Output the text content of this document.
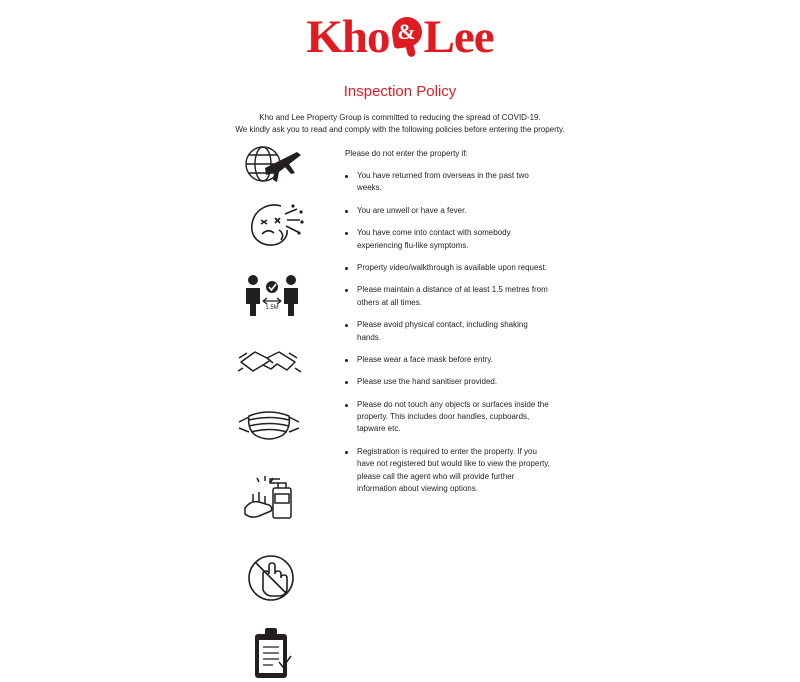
Kho & Lee
Inspection Policy
Kho and Lee Property Group is committed to reducing the spread of COVID-19.
We kindly ask you to read and comply with the following policies before entering the property.
1.5M

Please do not enter the property if:

You have returned from overseas in the past two weeks.
You are unwell or have a fever.
You have come into contact with somebody experiencing flu-like symptoms.
Property video/walkthrough is available upon request.
Please maintain a distance of at least 1.5 metres from others at all times.
Please avoid physical contact, including shaking hands.
Please wear a face mask before entry.
Please use the hand sanitiser provided.
Please do not touch any objects or surfaces inside the property. This includes door handles, cupboards, tapware etc.
Registration is required to enter the property. If you have not registered but would like to view the property, please call the agent who will provide further information about viewing options.
